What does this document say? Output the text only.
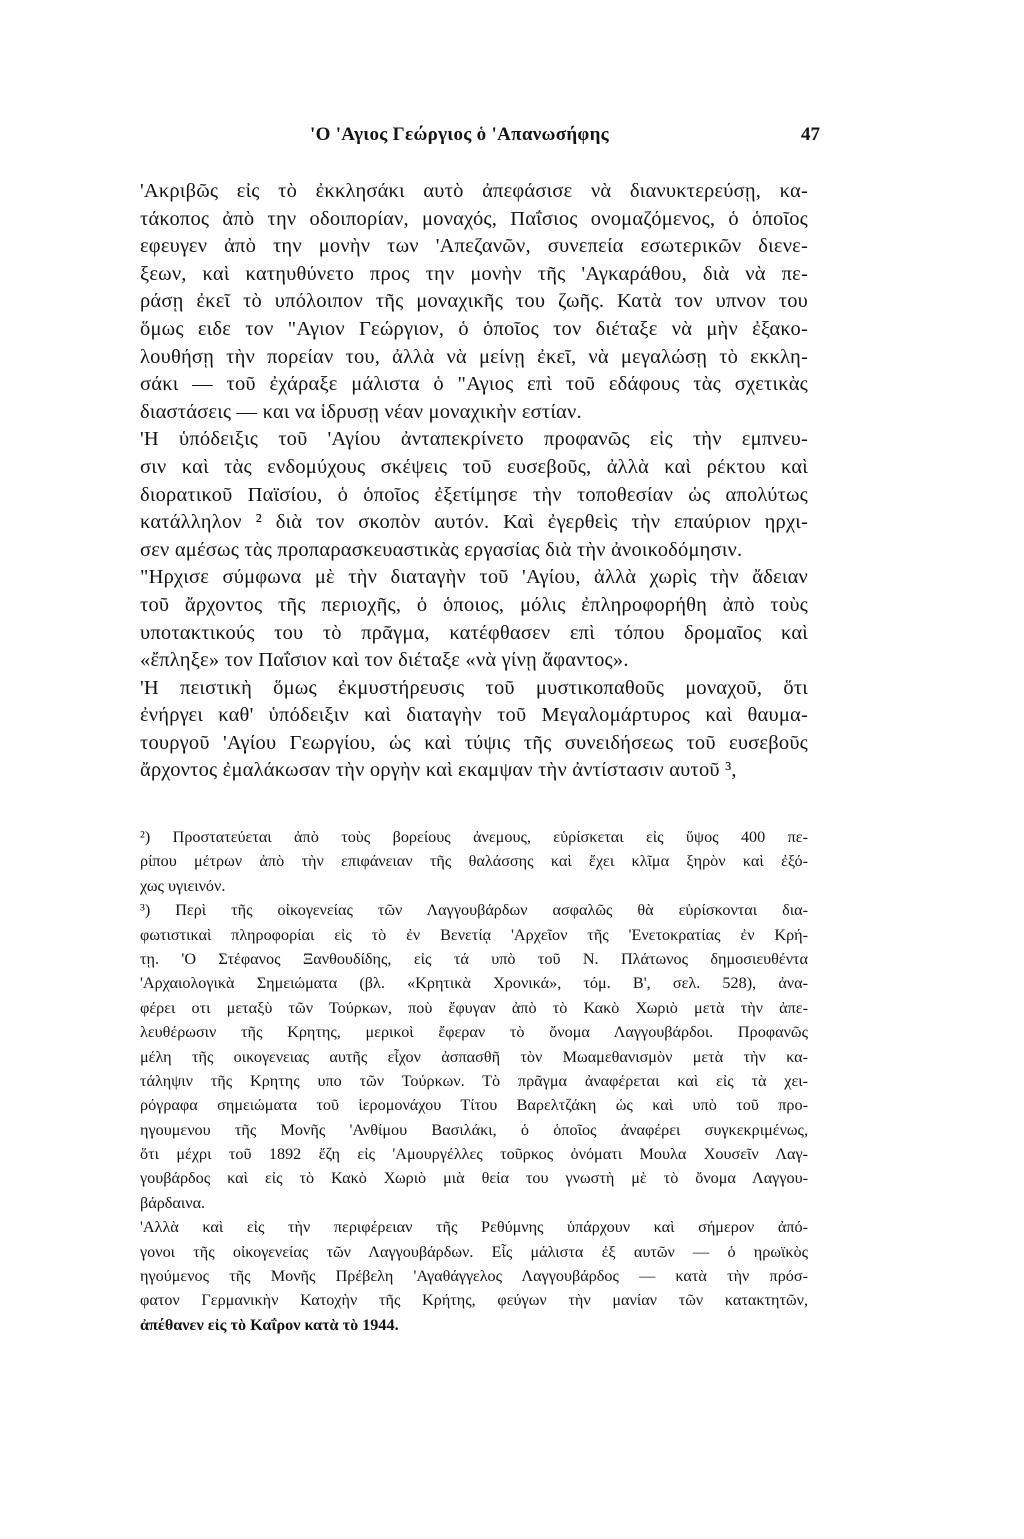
'Ο 'Αγιος Γεώργιος ὁ 'Απανωσήφης	47
'Ακριβῶς εἰς τὸ ἐκκλησάκι αυτὸ ἀπεφάσισε νὰ διανυκτερεύσῃ, κα-
τάκοπος ἀπὸ την οδοιπορίαν, μοναχός, Παΐσιος ονομαζόμενος, ὁ ὁποῖος
εφευγεν ἀπὸ την μονὴν των 'Απεζανῶν, συνεπεία εσωτερικῶν διενε-
ξεων, καὶ κατηυθύνετο προς την μονὴν τῆς 'Αγκαράθου, διὰ νὰ πε-
ράσῃ ἐκεῖ τὸ υπόλοιπον τῆς μοναχικῆς του ζωῆς. Κατὰ τον υπνον του
ὅμως ειδε τον "Αγιον Γεώργιον, ὁ ὁποῖος τον διέταξε νὰ μὴν ἐξακο-
λουθήσῃ τὴν πορείαν του, ἀλλὰ νὰ μείνῃ ἐκεῖ, νὰ μεγαλώσῃ τὸ εκκλη-
σάκι — τοῦ ἐχάραξε μάλιστα ὁ "Αγιος επὶ τοῦ εδάφους τὰς σχετικὰς
διαστάσεις — και να ἱδρυσῃ νέαν μοναχικὴν εστίαν.
'Η ὑπόδειξις τοῦ 'Αγίου ἀνταπεκρίνετο προφανῶς εἰς τὴν εμπνευ-
σιν καὶ τὰς ενδομύχους σκέψεις τοῦ ευσεβοῦς, ἀλλὰ καὶ ρέκτου καὶ
διορατικοῦ Παϊσίου, ὁ ὁποῖος ἐξετίμησε τὴν τοποθεσίαν ὡς απολύτως
κατάλληλον ² διὰ τον σκοπὸν αυτόν. Καὶ ἐγερθεὶς τὴν επαύριον ηρχι-
σεν αμέσως τὰς προπαρασκευαστικὰς εργασίας διὰ τὴν ἀνοικοδόμησιν.
"Ηρχισε σύμφωνα μὲ τὴν διαταγὴν τοῦ 'Αγίου, ἀλλὰ χωρὶς τὴν ἄδειαν
τοῦ ἄρχοντος τῆς περιοχῆς, ὁ ὁποιος, μόλις ἐπληροφορήθη ἀπὸ τοὺς
υποτακτικούς του τὸ πρᾶγμα, κατέφθασεν επὶ τόπου δρομαῖος καὶ
«ἔπληξε» τον Παΐσιον καὶ τον διέταξε «νὰ γίνῃ ἄφαντος».
'Η πειστικὴ ὅμως ἐκμυστήρευσις τοῦ μυστικοπαθοῦς μοναχοῦ, ὅτι
ἐνήργει καθ' ὑπόδειξιν καὶ διαταγὴν τοῦ Μεγαλομάρτυρος καὶ θαυμα-
τουργοῦ 'Αγίου Γεωργίου, ὡς καὶ τύψις τῆς συνειδήσεως τοῦ ευσεβοῦς
ἄρχοντος ἐμαλάκωσαν τὴν οργὴν καὶ εκαμψαν τὴν ἀντίστασιν αυτοῦ ³,
²) Προστατεύεται ἀπὸ τοὺς βορείους ἀνεμους, εὑρίσκεται εἰς ὕψος 400 πε-
ρίπου μέτρων ἀπὸ τὴν επιφάνειαν τῆς θαλάσσης καὶ ἔχει κλῖμα ξηρὸν καὶ ἐξό-
χως υγιεινόν.
³) Περὶ τῆς οἰκογενείας τῶν Λαγγουβάρδων ασφαλῶς θὰ εὑρίσκονται δια-
φωτιστικαὶ πληροφορίαι εἰς τὸ ἐν Βενετίᾳ 'Αρχεῖον τῆς 'Ενετοκρατίας ἐν Κρή-
τῃ. 'Ο Στέφανος Ξανθουδίδης, εἰς τά υπὸ τοῦ Ν. Πλάτωνος δημοσιευθέντα
'Αρχαιολογικὰ Σημειώματα (βλ. «Κρητικὰ Χρονικά», τόμ. Β', σελ. 528), ἀνα-
φέρει οτι μεταξὺ τῶν Τούρκων, ποὺ ἔφυγαν ἀπὸ τὸ Κακὸ Χωριὸ μετὰ τὴν ἀπε-
λευθέρωσιν τῆς Κρητης, μερικοὶ ἔφεραν τὸ ὄνομα Λαγγουβάρδοι. Προφανῶς
μέλη τῆς οικογενειας αυτῆς εἶχον ἀσπασθῆ τὸν Μωαμεθανισμὸν μετὰ τὴν κα-
τάληψιν τῆς Κρητης υπο τῶν Τούρκων. Τὸ πρᾶγμα ἀναφέρεται καὶ εἰς τὰ χει-
ρόγραφα σημειώματα τοῦ ἱερομονάχου Τίτου Βαρελτζάκη ὡς καὶ υπὸ τοῦ προ-
ηγουμενου τῆς Μονῆς 'Ανθίμου Βασιλάκι, ὁ ὁποῖος ἀναφέρει συγκεκριμένως,
ὅτι μέχρι τοῦ 1892 ἔζη εἰς 'Αμουργέλλες τοῦρκος ὀνόματι Μουλα Χουσεῖν Λαγ-
γουβάρδος καὶ εἰς τὸ Κακὸ Χωριὸ μιὰ θεία του γνωστὴ μὲ τὸ ὄνομα Λαγγου-
βάρδαινα.
'Αλλὰ καὶ εἰς τὴν περιφέρειαν τῆς Ρεθύμνης ὑπάρχουν καὶ σήμερον ἀπό-
γονοι τῆς οἰκογενείας τῶν Λαγγουβάρδων. Εἷς μάλιστα ἐξ αυτῶν — ὁ ηρωϊκὸς
ηγούμενος τῆς Μονῆς Πρέβελη 'Αγαθάγγελος Λαγγουβάρδος — κατὰ τὴν πρόσ-
φατον Γερμανικὴν Κατοχὴν τῆς Κρήτης, φεύγων τὴν μανίαν τῶν κατακτητῶν,
ἀπέθανεν εἰς τὸ Καΐρον κατὰ τὸ 1944.
